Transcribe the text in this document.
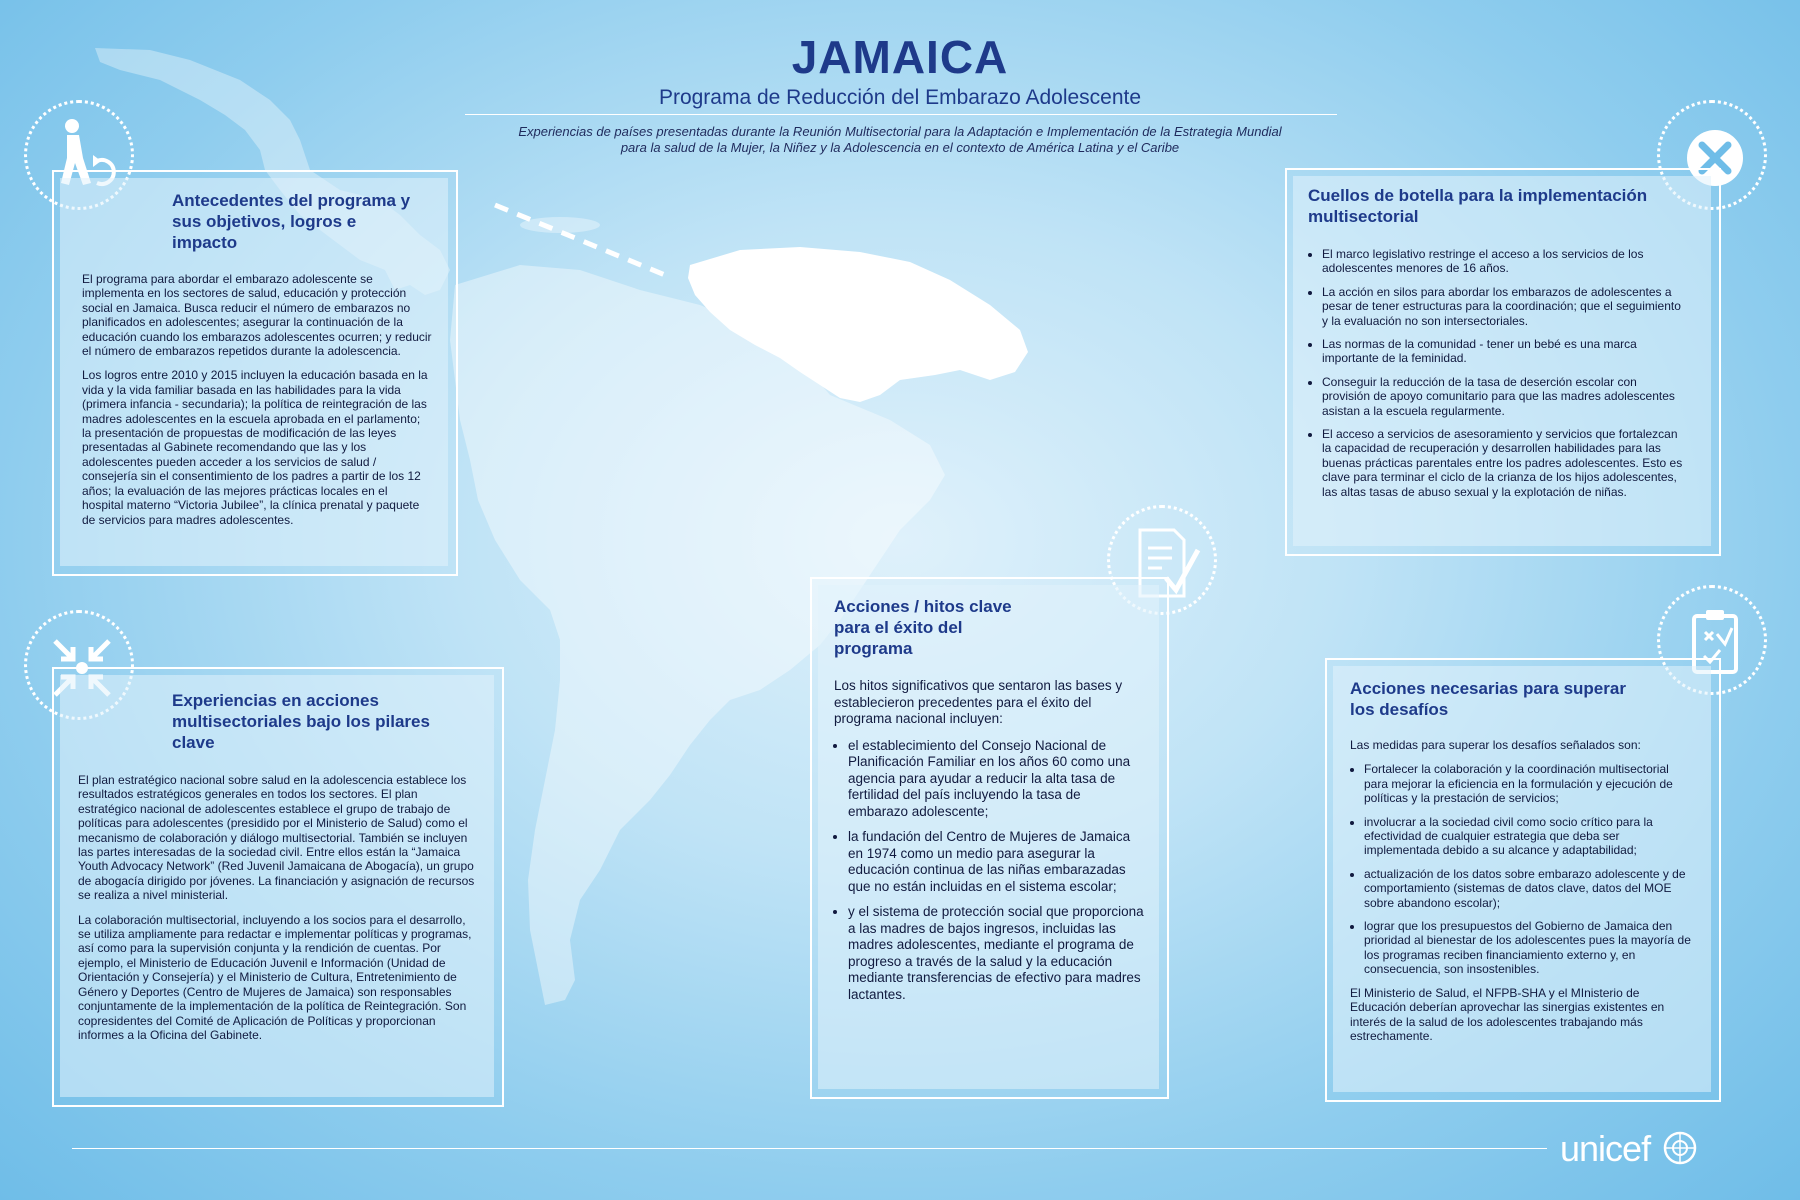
JAMAICA
Programa de Reducción del Embarazo Adolescente
Experiencias de países presentadas durante la Reunión Multisectorial para la Adaptación e Implementación de la Estrategia Mundial
para la salud de la Mujer, la Niñez y la Adolescencia en el contexto de América Latina y el Caribe
Antecedentes del programa y sus objetivos, logros e impacto

El programa para abordar el embarazo adolescente se implementa en los sectores de salud, educación y protección social en Jamaica. Busca reducir el número de embarazos no planificados en adolescentes; asegurar la continuación de la educación cuando los embarazos adolescentes ocurren; y reducir el número de embarazos repetidos durante la adolescencia.

Los logros entre 2010 y 2015 incluyen la educación basada en la vida y la vida familiar basada en las habilidades para la vida (primera infancia - secundaria); la política de reintegración de las madres adolescentes en la escuela aprobada en el parlamento; la presentación de propuestas de modificación de las leyes presentadas al Gabinete recomendando que las y los adolescentes pueden acceder a los servicios de salud / consejería sin el consentimiento de los padres a partir de los 12 años; la evaluación de las mejores prácticas locales en el hospital materno “Victoria Jubilee”, la clínica prenatal y paquete de servicios para madres adolescentes.

Experiencias en acciones multisectoriales bajo los pilares clave

El plan estratégico nacional sobre salud en la adolescencia establece los resultados estratégicos generales en todos los sectores. El plan estratégico nacional de adolescentes establece el grupo de trabajo de políticas para adolescentes (presidido por el Ministerio de Salud) como el mecanismo de colaboración y diálogo multisectorial. También se incluyen las partes interesadas de la sociedad civil. Entre ellos están la “Jamaica Youth Advocacy Network” (Red Juvenil Jamaicana de Abogacía), un grupo de abogacía dirigido por jóvenes. La financiación y asignación de recursos se realiza a nivel ministerial.

La colaboración multisectorial, incluyendo a los socios para el desarrollo, se utiliza ampliamente para redactar e implementar políticas y programas, así como para la supervisión conjunta y la rendición de cuentas. Por ejemplo, el Ministerio de Educación Juvenil e Información (Unidad de Orientación y Consejería) y el Ministerio de Cultura, Entretenimiento de Género y Deportes (Centro de Mujeres de Jamaica) son responsables conjuntamente de la implementación de la política de Reintegración. Son copresidentes del Comité de Aplicación de Políticas y proporcionan informes a la Oficina del Gabinete.

Acciones / hitos clave para el éxito del programa

Los hitos significativos que sentaron las bases y establecieron precedentes para el éxito del programa nacional incluyen:

• el establecimiento del Consejo Nacional de Planificación Familiar en los años 60 como una agencia para ayudar a reducir la alta tasa de fertilidad del país incluyendo la tasa de embarazo adolescente;
• la fundación del Centro de Mujeres de Jamaica en 1974 como un medio para asegurar la educación continua de las niñas embarazadas que no están incluidas en el sistema escolar;
• y el sistema de protección social que proporciona a las madres de bajos ingresos, incluidas las madres adolescentes, mediante el programa de progreso a través de la salud y la educación mediante transferencias de efectivo para madres lactantes.
Cuellos de botella para la implementación multisectorial
• El marco legislativo restringe el acceso a los servicios de los adolescentes menores de 16 años.
• La acción en silos para abordar los embarazos de adolescentes a pesar de tener estructuras para la coordinación; que el seguimiento y la evaluación no son intersectoriales.
• Las normas de la comunidad - tener un bebé es una marca importante de la feminidad.
• Conseguir la reducción de la tasa de deserción escolar con provisión de apoyo comunitario para que las madres adolescentes asistan a la escuela regularmente.
• El acceso a servicios de asesoramiento y servicios que fortalezcan la capacidad de recuperación y desarrollen habilidades para las buenas prácticas parentales entre los padres adolescentes. Esto es clave para terminar el ciclo de la crianza de los hijos adolescentes, las altas tasas de abuso sexual y la explotación de niñas.
Acciones necesarias para superar los desafíos

Las medidas para superar los desafíos señalados son:

• Fortalecer la colaboración y la coordinación multisectorial para mejorar la eficiencia en la formulación y ejecución de políticas y la prestación de servicios;
• involucrar a la sociedad civil como socio crítico para la efectividad de cualquier estrategia que deba ser implementada debido a su alcance y adaptabilidad;
• actualización de los datos sobre embarazo adolescente y de comportamiento (sistemas de datos clave, datos del MOE sobre abandono escolar);
• lograr que los presupuestos del Gobierno de Jamaica den prioridad al bienestar de los adolescentes pues la mayoría de los programas reciben financiamiento externo y, en consecuencia, son insostenibles.

El Ministerio de Salud, el NFPB-SHA y el MInisterio de Educación deberían aprovechar las sinergias existentes en interés de la salud de los adolescentes trabajando más estrechamente.

unicef
